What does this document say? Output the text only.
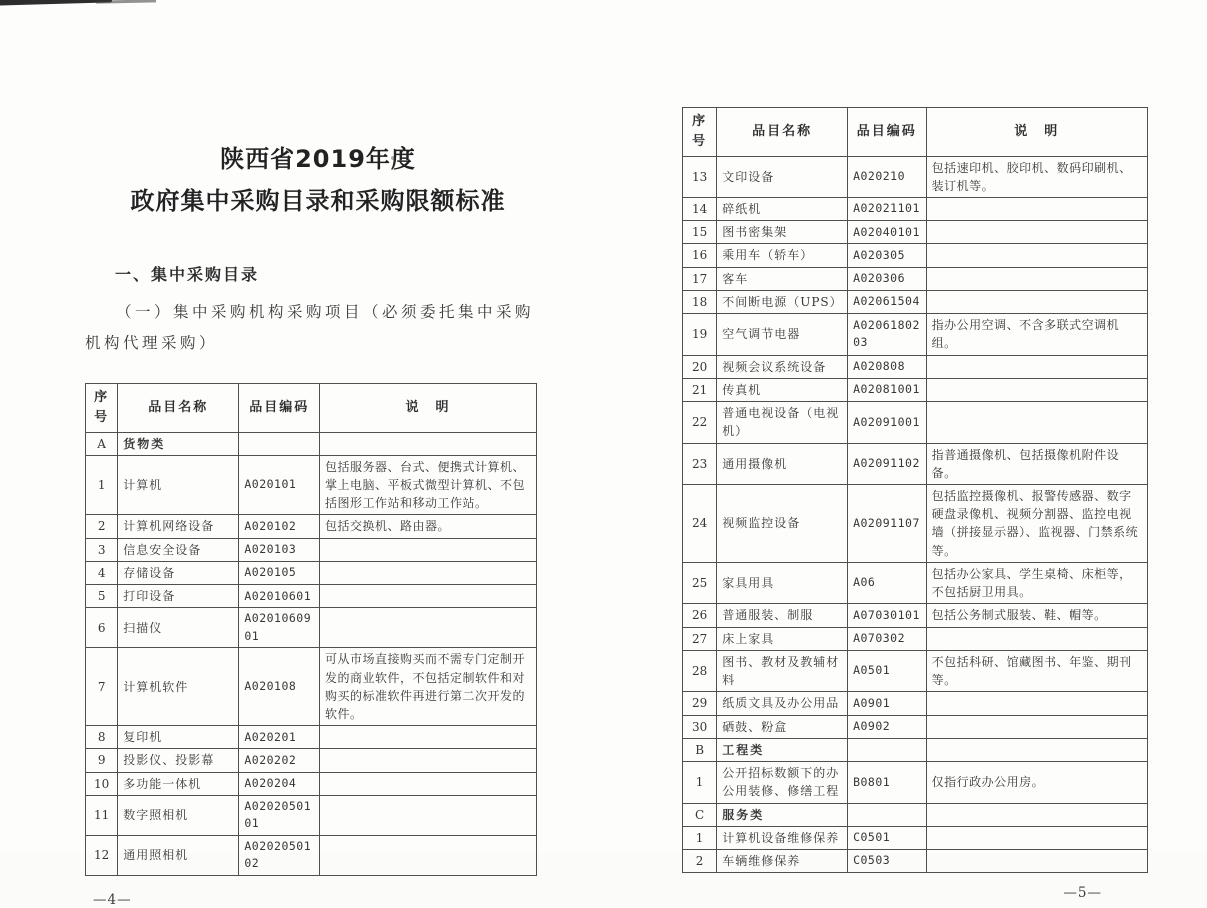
陕西省2019年度
政府集中采购目录和采购限额标准
一、集中采购目录

（一）集中采购机构采购项目（必须委托集中采购机构代理采购）

序号	品目名称	品目编码	说　明
A	货物类		
1	计算机	A020101	包括服务器、台式、便携式计算机、掌上电脑、平板式微型计算机、不包括图形工作站和移动工作站。
2	计算机网络设备	A020102	包括交换机、路由器。
3	信息安全设备	A020103	
4	存储设备	A020105	
5	打印设备	A02010601	
6	扫描仪	A0201060901	
7	计算机软件	A020108	可从市场直接购买而不需专门定制开发的商业软件，不包括定制软件和对购买的标准软件再进行第二次开发的软件。
8	复印机	A020201	
9	投影仪、投影幕	A020202	
10	多功能一体机	A020204	
11	数字照相机	A0202050101	
12	通用照相机	A0202050102	
—4—
序号	品目名称	品目编码	说　明
13	文印设备	A020210	包括速印机、胶印机、数码印刷机、装订机等。
14	碎纸机	A02021101	
15	图书密集架	A02040101	
16	乘用车（轿车）	A020305	
17	客车	A020306	
18	不间断电源（UPS）	A02061504	
19	空气调节电器	A0206180203	指办公用空调、不含多联式空调机组。
20	视频会议系统设备	A020808	
21	传真机	A02081001	
22	普通电视设备（电视机）	A02091001	
23	通用摄像机	A02091102	指普通摄像机、包括摄像机附件设备。
24	视频监控设备	A02091107	包括监控摄像机、报警传感器、数字硬盘录像机、视频分割器、监控电视墙（拼接显示器）、监视器、门禁系统等。
25	家具用具	A06	包括办公家具、学生桌椅、床柜等，不包括厨卫用具。
26	普通服装、制服	A07030101	包括公务制式服装、鞋、帽等。
27	床上家具	A070302	
28	图书、教材及教辅材料	A0501	不包括科研、馆藏图书、年鉴、期刊等。
29	纸质文具及办公用品	A0901	
30	硒鼓、粉盒	A0902	
B	工程类		
1	公开招标数额下的办公用装修、修缮工程	B0801	仅指行政办公用房。
C	服务类		
1	计算机设备维修保养	C0501	
2	车辆维修保养	C0503	
—5—
